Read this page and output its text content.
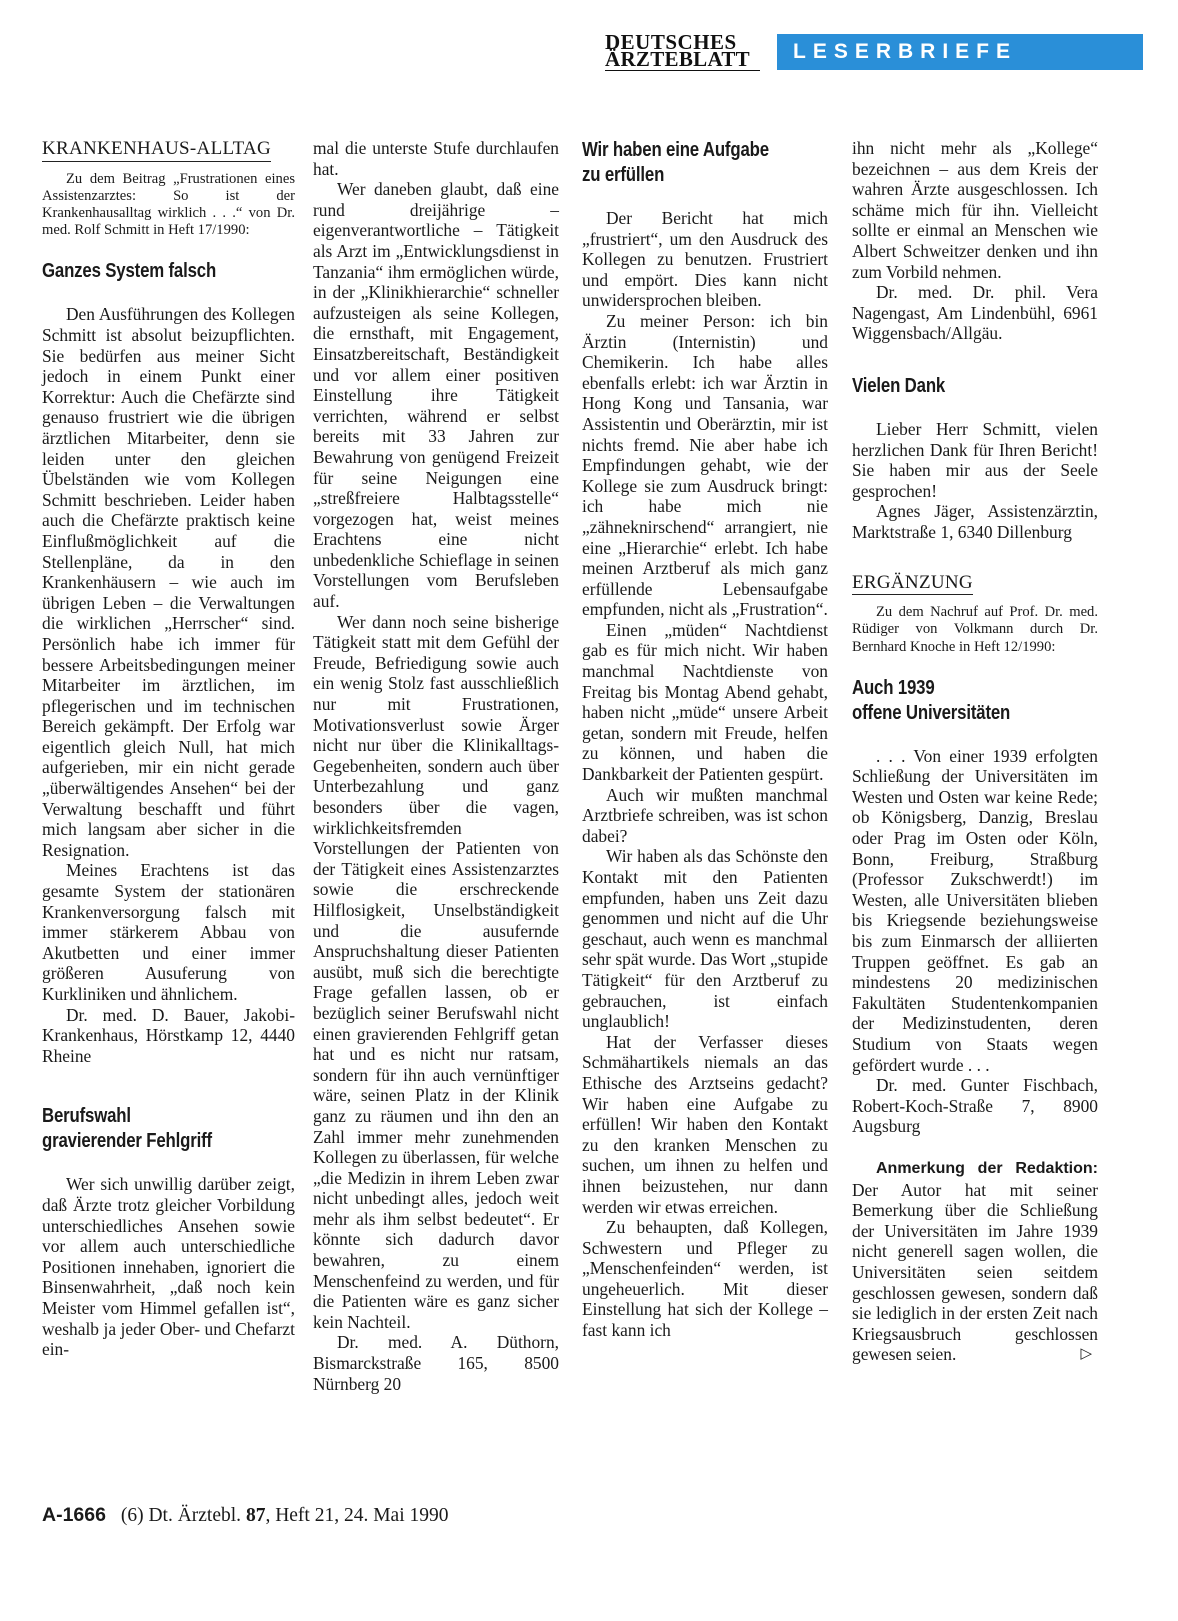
DEUTSCHES
ÄRZTEBLATT	LESERBRIEFE
KRANKENHAUS-ALLTAG

Zu dem Beitrag „Frustrationen eines Assistenzarztes: So ist der Krankenhausalltag wirklich . . .“ von Dr. med. Rolf Schmitt in Heft 17/1990:

Ganzes System falsch

Den Ausführungen des Kollegen Schmitt ist absolut beizupflichten. Sie bedürfen aus meiner Sicht jedoch in einem Punkt einer Korrektur: Auch die Chefärzte sind genauso frustriert wie die übrigen ärztlichen Mitarbeiter, denn sie leiden unter den gleichen Übelständen wie vom Kollegen Schmitt beschrieben. Leider haben auch die Chefärzte praktisch keine Einflußmöglichkeit auf die Stellenpläne, da in den Krankenhäusern – wie auch im übrigen Leben – die Verwaltungen die wirklichen „Herrscher“ sind. Persönlich habe ich immer für bessere Arbeitsbedingungen meiner Mitarbeiter im ärztlichen, im pflegerischen und im technischen Bereich gekämpft. Der Erfolg war eigentlich gleich Null, hat mich aufgerieben, mir ein nicht gerade „überwältigendes Ansehen“ bei der Verwaltung beschafft und führt mich langsam aber sicher in die Resignation.

Meines Erachtens ist das gesamte System der stationären Krankenversorgung falsch mit immer stärkerem Abbau von Akutbetten und einer immer größeren Ausuferung von Kurkliniken und ähnlichem.

Dr. med. D. Bauer, Jakobi-Krankenhaus, Hörstkamp 12, 4440 Rheine

Berufswahl
gravierender Fehlgriff

Wer sich unwillig darüber zeigt, daß Ärzte trotz gleicher Vorbildung unterschiedliches Ansehen sowie vor allem auch unterschiedliche Positionen innehaben, ignoriert die Binsenwahrheit, „daß noch kein Meister vom Himmel gefallen ist“, weshalb ja jeder Ober- und Chefarzt ein-

mal die unterste Stufe durchlaufen hat.

Wer daneben glaubt, daß eine rund dreijährige – eigenverantwortliche – Tätigkeit als Arzt im „Entwicklungsdienst in Tanzania“ ihm ermöglichen würde, in der „Klinikhierarchie“ schneller aufzusteigen als seine Kollegen, die ernsthaft, mit Engagement, Einsatzbereitschaft, Beständigkeit und vor allem einer positiven Einstellung ihre Tätigkeit verrichten, während er selbst bereits mit 33 Jahren zur Bewahrung von genügend Freizeit für seine Neigungen eine „streßfreiere Halbtagsstelle“ vorgezogen hat, weist meines Erachtens eine nicht unbedenkliche Schieflage in seinen Vorstellungen vom Berufsleben auf.

Wer dann noch seine bisherige Tätigkeit statt mit dem Gefühl der Freude, Befriedigung sowie auch ein wenig Stolz fast ausschließlich nur mit Frustrationen, Motivationsverlust sowie Ärger nicht nur über die Klinikalltags-Gegebenheiten, sondern auch über Unterbezahlung und ganz besonders über die vagen, wirklichkeitsfremden Vorstellungen der Patienten von der Tätigkeit eines Assistenzarztes sowie die erschreckende Hilflosigkeit, Unselbständigkeit und die ausufernde Anspruchshaltung dieser Patienten ausübt, muß sich die berechtigte Frage gefallen lassen, ob er bezüglich seiner Berufswahl nicht einen gravierenden Fehlgriff getan hat und es nicht nur ratsam, sondern für ihn auch vernünftiger wäre, seinen Platz in der Klinik ganz zu räumen und ihn den an Zahl immer mehr zunehmenden Kollegen zu überlassen, für welche „die Medizin in ihrem Leben zwar nicht unbedingt alles, jedoch weit mehr als ihm selbst bedeutet“. Er könnte sich dadurch davor bewahren, zu einem Menschenfeind zu werden, und für die Patienten wäre es ganz sicher kein Nachteil.

Dr. med. A. Düthorn, Bismarckstraße 165, 8500 Nürnberg 20

Wir haben eine Aufgabe
zu erfüllen

Der Bericht hat mich „frustriert“, um den Ausdruck des Kollegen zu benutzen. Frustriert und empört. Dies kann nicht unwidersprochen bleiben.

Zu meiner Person: ich bin Ärztin (Internistin) und Chemikerin. Ich habe alles ebenfalls erlebt: ich war Ärztin in Hong Kong und Tansania, war Assistentin und Oberärztin, mir ist nichts fremd. Nie aber habe ich Empfindungen gehabt, wie der Kollege sie zum Ausdruck bringt: ich habe mich nie „zähneknirschend“ arrangiert, nie eine „Hierarchie“ erlebt. Ich habe meinen Arztberuf als mich ganz erfüllende Lebensaufgabe empfunden, nicht als „Frustration“.

Einen „müden“ Nachtdienst gab es für mich nicht. Wir haben manchmal Nachtdienste von Freitag bis Montag Abend gehabt, haben nicht „müde“ unsere Arbeit getan, sondern mit Freude, helfen zu können, und haben die Dankbarkeit der Patienten gespürt.

Auch wir mußten manchmal Arztbriefe schreiben, was ist schon dabei?

Wir haben als das Schönste den Kontakt mit den Patienten empfunden, haben uns Zeit dazu genommen und nicht auf die Uhr geschaut, auch wenn es manchmal sehr spät wurde. Das Wort „stupide Tätigkeit“ für den Arztberuf zu gebrauchen, ist einfach unglaublich!

Hat der Verfasser dieses Schmähartikels niemals an das Ethische des Arztseins gedacht? Wir haben eine Aufgabe zu erfüllen! Wir haben den Kontakt zu den kranken Menschen zu suchen, um ihnen zu helfen und ihnen beizustehen, nur dann werden wir etwas erreichen.

Zu behaupten, daß Kollegen, Schwestern und Pfleger zu „Menschenfeinden“ werden, ist ungeheuerlich. Mit dieser Einstellung hat sich der Kollege – fast kann ich

ihn nicht mehr als „Kollege“ bezeichnen – aus dem Kreis der wahren Ärzte ausgeschlossen. Ich schäme mich für ihn. Vielleicht sollte er einmal an Menschen wie Albert Schweitzer denken und ihn zum Vorbild nehmen.

Dr. med. Dr. phil. Vera Nagengast, Am Lindenbühl, 6961 Wiggensbach/Allgäu.

Vielen Dank

Lieber Herr Schmitt, vielen herzlichen Dank für Ihren Bericht! Sie haben mir aus der Seele gesprochen!

Agnes Jäger, Assistenzärztin, Marktstraße 1, 6340 Dillenburg

ERGÄNZUNG

Zu dem Nachruf auf Prof. Dr. med. Rüdiger von Volkmann durch Dr. Bernhard Knoche in Heft 12/1990:

Auch 1939
offene Universitäten

. . . Von einer 1939 erfolgten Schließung der Universitäten im Westen und Osten war keine Rede; ob Königsberg, Danzig, Breslau oder Prag im Osten oder Köln, Bonn, Freiburg, Straßburg (Professor Zukschwerdt!) im Westen, alle Universitäten blieben bis Kriegsende beziehungsweise bis zum Einmarsch der alliierten Truppen geöffnet. Es gab an mindestens 20 medizinischen Fakultäten Studentenkompanien der Medizinstudenten, deren Studium von Staats wegen gefördert wurde . . .

Dr. med. Gunter Fischbach, Robert-Koch-Straße 7, 8900 Augsburg

Anmerkung der Redaktion: Der Autor hat mit seiner Bemerkung über die Schließung der Universitäten im Jahre 1939 nicht generell sagen wollen, die Universitäten seien seitdem geschlossen gewesen, sondern daß sie lediglich in der ersten Zeit nach Kriegsausbruch geschlossen gewesen seien.	▷

A-1666 (6) Dt. Ärztebl. 87, Heft 21, 24. Mai 1990
